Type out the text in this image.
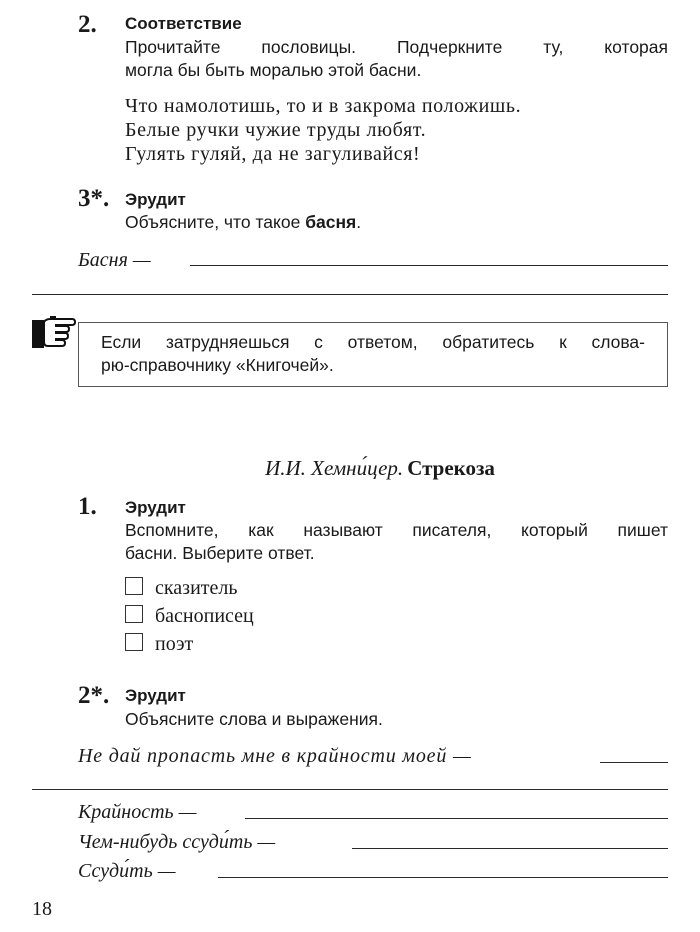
2. Соответствие
Прочитайте пословицы. Подчеркните ту, которая
могла бы быть моралью этой басни.
Что намолотишь, то и в закрома положишь.
Белые ручки чужие труды любят.
Гулять гуляй, да не загуливайся!
3*. Эрудит
Объясните, что такое басня.
Басня —
Если затрудняешься с ответом, обратитесь к слова-
рю-справочнику «Книгочей».
И.И. Хемни́цер. Стрекоза
1. Эрудит
Вспомните, как называют писателя, который пишет
басни. Выберите ответ.
сказитель
баснописец
поэт
2*. Эрудит
Объясните слова и выражения.
Не дай пропасть мне в крайности моей —
Крайность —
Чем-нибудь ссуди́ть —
Ссуди́ть —
18
